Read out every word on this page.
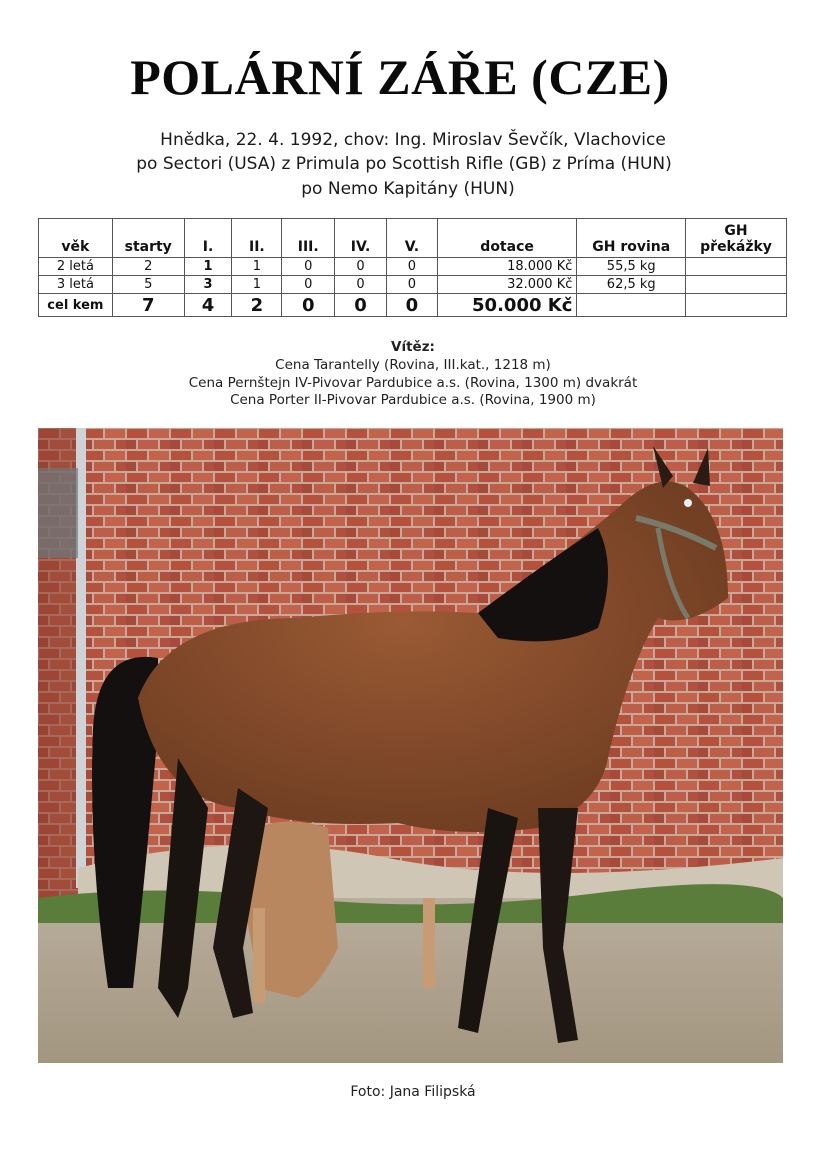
POLÁRNÍ ZÁŘE (CZE)
Hnědka, 22. 4. 1992, chov: Ing. Miroslav Ševčík, Vlachovice
po Sectori (USA) z Primula po Scottish Rifle (GB) z Príma (HUN)
po Nemo Kapitány (HUN)
věk	starty	I.	II.	III.	IV.	V.	dotace	GH rovina	GH překážky
2 letá	2	1	1	0	0	0	18.000 Kč	55,5 kg	
3 letá	5	3	1	0	0	0	32.000 Kč	62,5 kg	
cel kem	7	4	2	0	0	0	50.000 Kč		
Vítěz:
Cena Tarantelly (Rovina, III.kat., 1218 m)
Cena Pernštejn IV-Pivovar Pardubice a.s. (Rovina, 1300 m) dvakrát
Cena Porter II-Pivovar Pardubice a.s. (Rovina, 1900 m)
Foto: Jana Filipská
